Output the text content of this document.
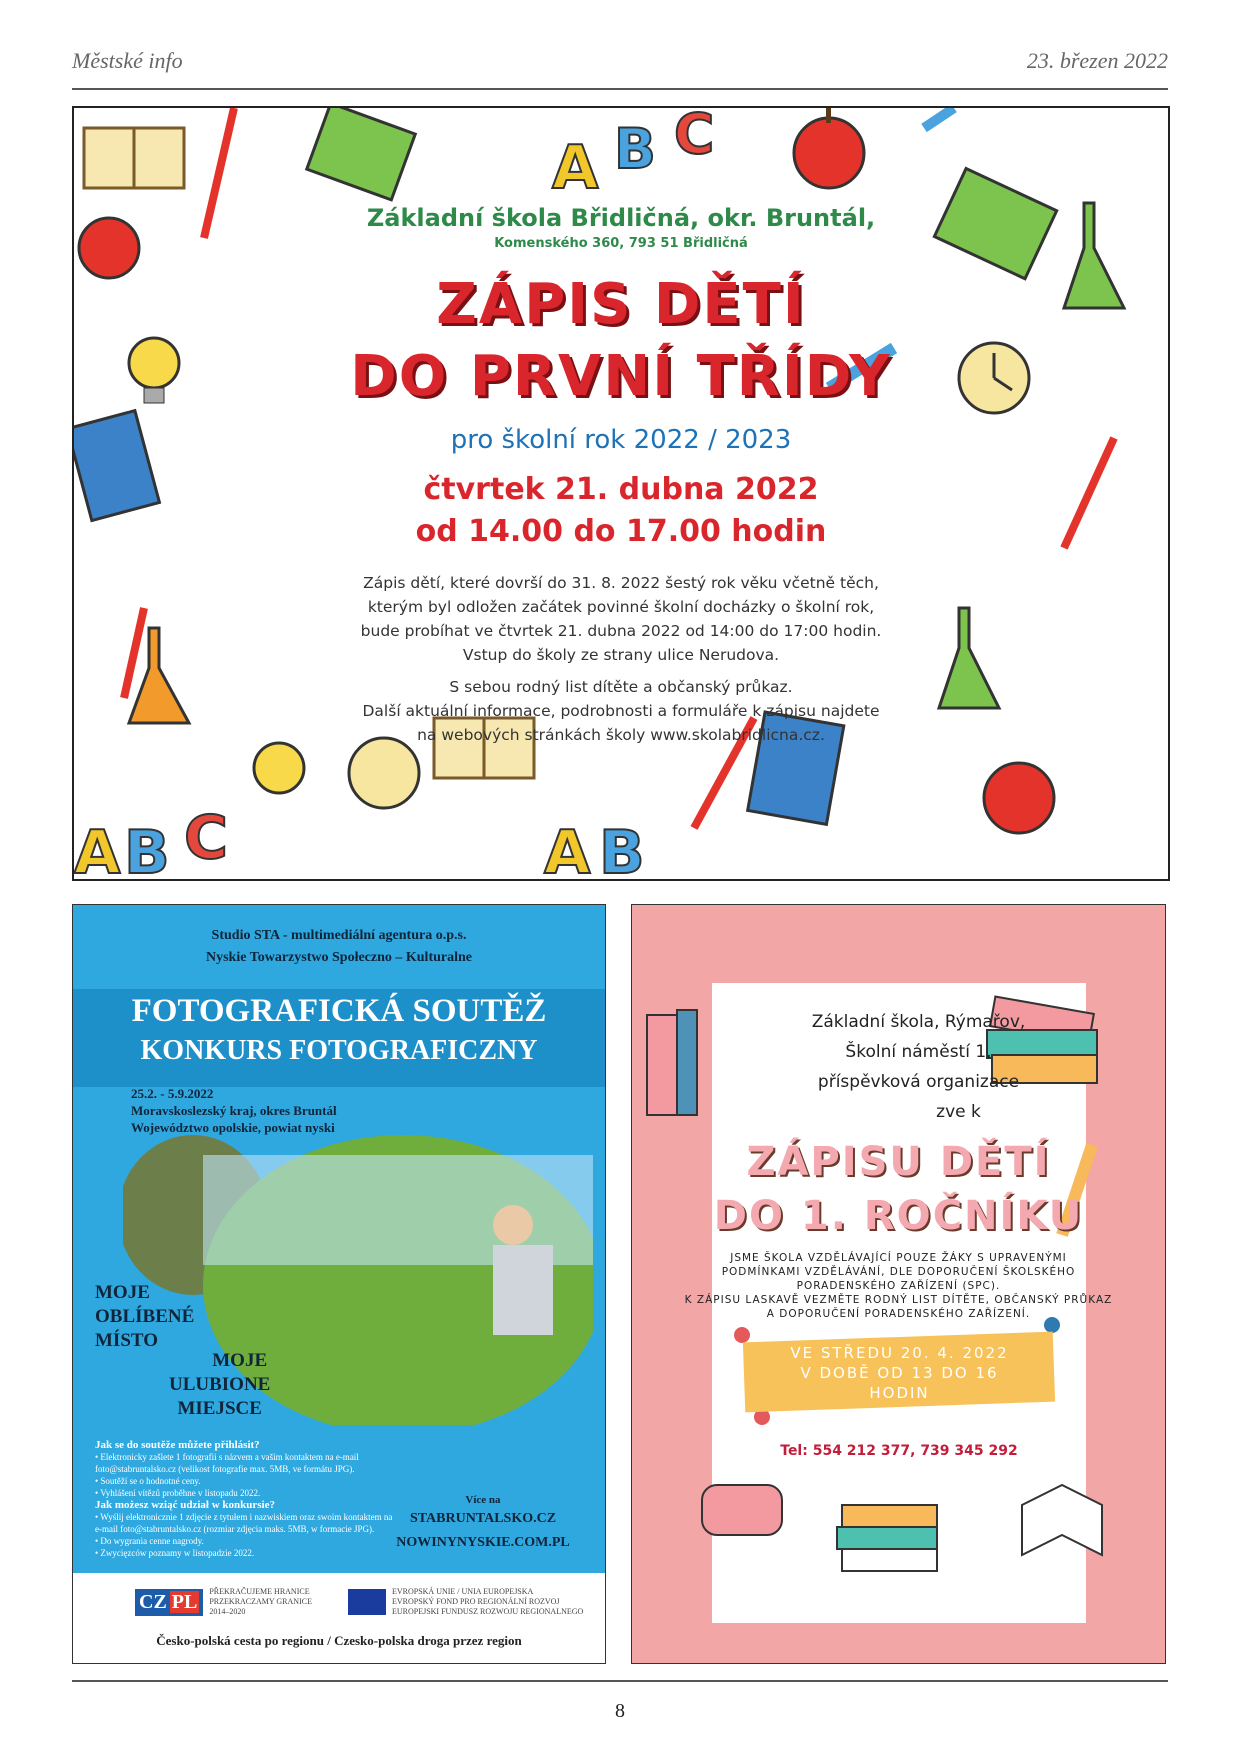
Městské info	23. březen 2022
A B C
A B C	A B
Základní škola Břidličná, okr. Bruntál,
Komenského 360, 793 51 Břidličná
ZÁPIS DĚTÍ
DO PRVNÍ TŘÍDY
pro školní rok 2022 / 2023
čtvrtek 21. dubna 2022
od 14.00 do 17.00 hodin
Zápis dětí, které dovrší do 31. 8. 2022 šestý rok věku včetně těch,
kterým byl odložen začátek povinné školní docházky o školní rok,
bude probíhat ve čtvrtek 21. dubna 2022 od 14:00 do 17:00 hodin.
Vstup do školy ze strany ulice Nerudova.
S sebou rodný list dítěte a občanský průkaz.
Další aktuální informace, podrobnosti a formuláře k zápisu najdete
na webových stránkách školy www.skolabridlicna.cz.
Studio STA - multimediální agentura o.p.s.
Nyskie Towarzystwo Społeczno – Kulturalne
FOTOGRAFICKÁ SOUTĚŽ
KONKURS FOTOGRAFICZNY
25.2. - 5.9.2022
Moravskoslezský kraj, okres Bruntál
Województwo opolskie, powiat nyski
MOJE
OBLÍBENÉ
MÍSTO
MOJE
ULUBIONE
MIEJSCE
Jak se do soutěže můžete přihlásit?
• Elektronicky zašlete 1 fotografii s názvem a vaším kontaktem na e-mail foto@stabruntalsko.cz (velikost fotografie max. 5MB, ve formátu JPG).
• Soutěží se o hodnotné ceny.
• Vyhlášení vítězů proběhne v listopadu 2022.
Jak możesz wziąć udział w konkursie?
• Wyślij elektronicznie 1 zdjęcie z tytułem i nazwiskiem oraz swoim kontaktem na e-mail foto@stabruntalsko.cz (rozmiar zdjęcia maks. 5MB, w formacie JPG).
• Do wygrania cenne nagrody.
• Zwycięzców poznamy w listopadzie 2022.
Více na
STABRUNTALSKO.CZ
NOWINYNYSKIE.COM.PL
CZ PL PŘEKRAČUJEME HRANICE
PRZEKRACZAMY GRANICE
2014–2020

EVROPSKÁ UNIE / UNIA EUROPEJSKA
EVROPSKÝ FOND PRO REGIONÁLNÍ ROZVOJ
EUROPEJSKI FUNDUSZ ROZWOJU REGIONALNEGO
Česko-polská cesta po regionu / Czesko-polska droga przez region
Základní škola, Rýmařov,
Školní náměstí 1,
příspěvková organizace
zve k
ZÁPISU DĚTÍ
DO 1. ROČNÍKU
JSME ŠKOLA VZDĚLÁVAJÍCÍ POUZE ŽÁKY S UPRAVENÝMI
PODMÍNKAMI VZDĚLÁVÁNÍ, DLE DOPORUČENÍ ŠKOLSKÉHO
PORADENSKÉHO ZAŘÍZENÍ (SPC).
K ZÁPISU LASKAVĚ VEZMĚTE RODNÝ LIST DÍTĚTE, OBČANSKÝ PRŮKAZ
A DOPORUČENÍ PORADENSKÉHO ZAŘÍZENÍ.
VE STŘEDU 20. 4. 2022
V DOBĚ OD 13 DO 16
HODIN
Tel: 554 212 377, 739 345 292
8
